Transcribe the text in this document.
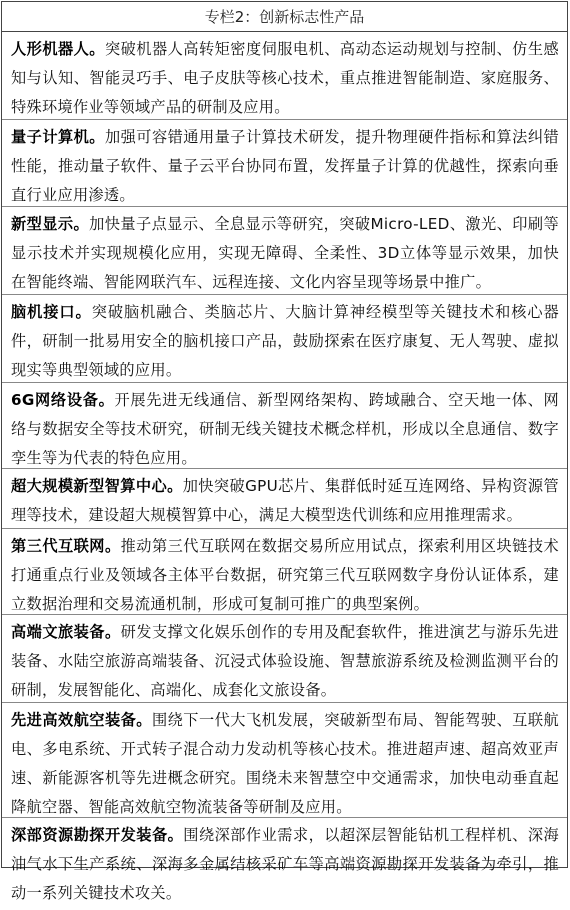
专栏2：创新标志性产品
人形机器人。突破机器人高转矩密度伺服电机、高动态运动规划与控制、仿生感知与认知、智能灵巧手、电子皮肤等核心技术，重点推进智能制造、家庭服务、特殊环境作业等领域产品的研制及应用。
量子计算机。加强可容错通用量子计算技术研发，提升物理硬件指标和算法纠错性能，推动量子软件、量子云平台协同布置，发挥量子计算的优越性，探索向垂直行业应用渗透。
新型显示。加快量子点显示、全息显示等研究，突破Micro-LED、激光、印刷等显示技术并实现规模化应用，实现无障碍、全柔性、3D立体等显示效果，加快在智能终端、智能网联汽车、远程连接、文化内容呈现等场景中推广。
脑机接口。突破脑机融合、类脑芯片、大脑计算神经模型等关键技术和核心器件，研制一批易用安全的脑机接口产品，鼓励探索在医疗康复、无人驾驶、虚拟现实等典型领域的应用。
6G网络设备。开展先进无线通信、新型网络架构、跨域融合、空天地一体、网络与数据安全等技术研究，研制无线关键技术概念样机，形成以全息通信、数字孪生等为代表的特色应用。
超大规模新型智算中心。加快突破GPU芯片、集群低时延互连网络、异构资源管理等技术，建设超大规模智算中心，满足大模型迭代训练和应用推理需求。
第三代互联网。推动第三代互联网在数据交易所应用试点，探索利用区块链技术打通重点行业及领域各主体平台数据，研究第三代互联网数字身份认证体系，建立数据治理和交易流通机制，形成可复制可推广的典型案例。
高端文旅装备。研发支撑文化娱乐创作的专用及配套软件，推进演艺与游乐先进装备、水陆空旅游高端装备、沉浸式体验设施、智慧旅游系统及检测监测平台的研制，发展智能化、高端化、成套化文旅设备。
先进高效航空装备。围绕下一代大飞机发展，突破新型布局、智能驾驶、互联航电、多电系统、开式转子混合动力发动机等核心技术。推进超声速、超高效亚声速、新能源客机等先进概念研究。围绕未来智慧空中交通需求，加快电动垂直起降航空器、智能高效航空物流装备等研制及应用。
深部资源勘探开发装备。围绕深部作业需求，以超深层智能钻机工程样机、深海油气水下生产系统、深海多金属结核采矿车等高端资源勘探开发装备为牵引，推动一系列关键技术攻关。
